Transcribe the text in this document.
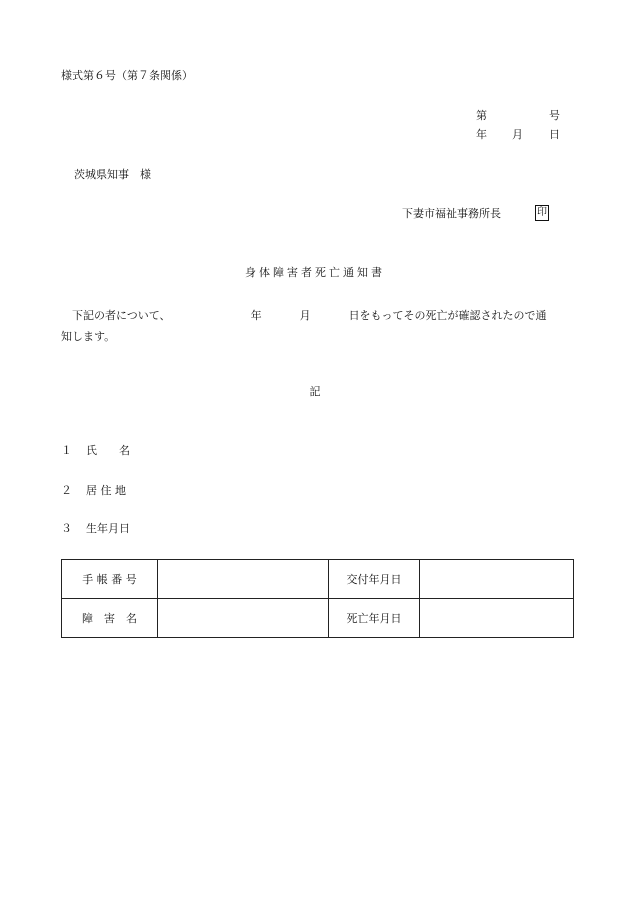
様式第６号（第７条関係）
第	号
年 月 日
茨城県知事　様
下妻市福祉事務所長	印
身体障害者死亡通知書
下記の者について、	年	月	日をもってその死亡が確認されたので通
知します。
記
１ 氏　　名
２ 居 住 地
３ 生年月日
手 帳 番 号		交付年月日	
障　害　名		死亡年月日	
